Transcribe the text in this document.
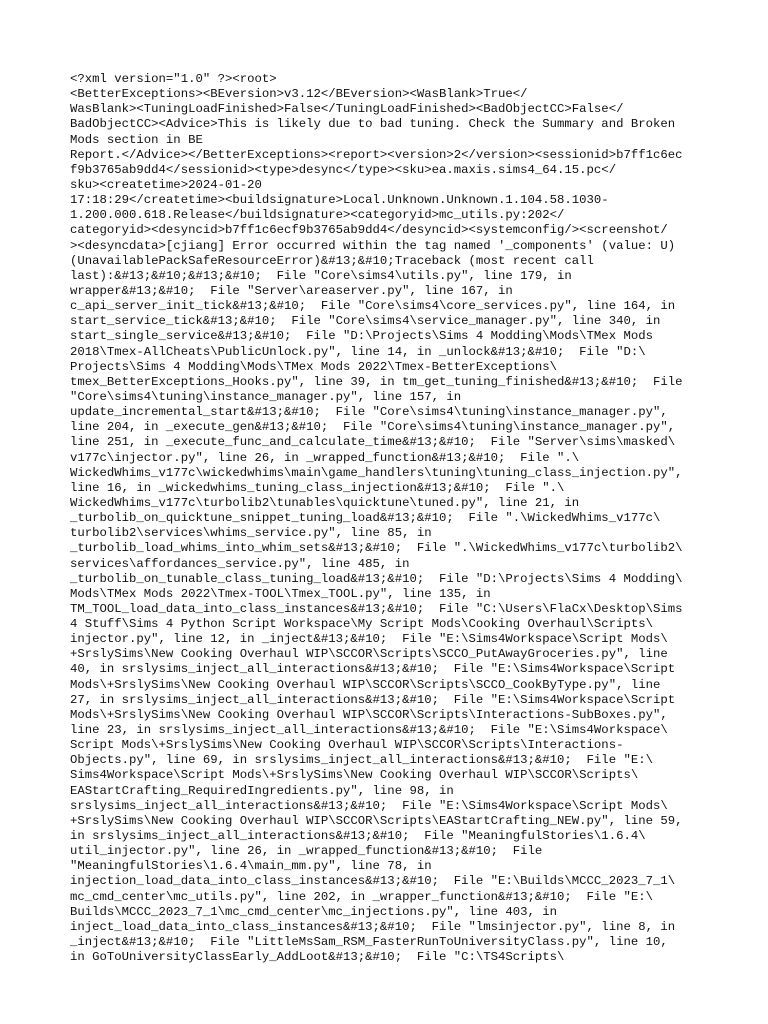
<?xml version="1.0" ?><root>
<BetterExceptions><BEversion>v3.12</BEversion><WasBlank>True</
WasBlank><TuningLoadFinished>False</TuningLoadFinished><BadObjectCC>False</
BadObjectCC><Advice>This is likely due to bad tuning. Check the Summary and Broken
Mods section in BE
Report.</Advice></BetterExceptions><report><version>2</version><sessionid>b7ff1c6ec
f9b3765ab9dd4</sessionid><type>desync</type><sku>ea.maxis.sims4_64.15.pc</
sku><createtime>2024-01-20
17:18:29</createtime><buildsignature>Local.Unknown.Unknown.1.104.58.1030-
1.200.000.618.Release</buildsignature><categoryid>mc_utils.py:202</
categoryid><desyncid>b7ff1c6ecf9b3765ab9dd4</desyncid><systemconfig/><screenshot/
><desyncdata>[cjiang] Error occurred within the tag named '_components' (value: U)
(UnavailablePackSafeResourceError)&#13;&#10;Traceback (most recent call
last):&#13;&#10;&#13;&#10;  File "Core\sims4\utils.py", line 179, in
wrapper&#13;&#10;  File "Server\areaserver.py", line 167, in
c_api_server_init_tick&#13;&#10;  File "Core\sims4\core_services.py", line 164, in
start_service_tick&#13;&#10;  File "Core\sims4\service_manager.py", line 340, in
start_single_service&#13;&#10;  File "D:\Projects\Sims 4 Modding\Mods\TMex Mods
2018\Tmex-AllCheats\PublicUnlock.py", line 14, in _unlock&#13;&#10;  File "D:\
Projects\Sims 4 Modding\Mods\TMex Mods 2022\Tmex-BetterExceptions\
tmex_BetterExceptions_Hooks.py", line 39, in tm_get_tuning_finished&#13;&#10;  File
"Core\sims4\tuning\instance_manager.py", line 157, in
update_incremental_start&#13;&#10;  File "Core\sims4\tuning\instance_manager.py",
line 204, in _execute_gen&#13;&#10;  File "Core\sims4\tuning\instance_manager.py",
line 251, in _execute_func_and_calculate_time&#13;&#10;  File "Server\sims\masked\
v177c\injector.py", line 26, in _wrapped_function&#13;&#10;  File ".\
WickedWhims_v177c\wickedwhims\main\game_handlers\tuning\tuning_class_injection.py",
line 16, in _wickedwhims_tuning_class_injection&#13;&#10;  File ".\
WickedWhims_v177c\turbolib2\tunables\quicktune\tuned.py", line 21, in
_turbolib_on_quicktune_snippet_tuning_load&#13;&#10;  File ".\WickedWhims_v177c\
turbolib2\services\whims_service.py", line 85, in
_turbolib_load_whims_into_whim_sets&#13;&#10;  File ".\WickedWhims_v177c\turbolib2\
services\affordances_service.py", line 485, in
_turbolib_on_tunable_class_tuning_load&#13;&#10;  File "D:\Projects\Sims 4 Modding\
Mods\TMex Mods 2022\Tmex-TOOL\Tmex_TOOL.py", line 135, in
TM_TOOL_load_data_into_class_instances&#13;&#10;  File "C:\Users\FlaCx\Desktop\Sims
4 Stuff\Sims 4 Python Script Workspace\My Script Mods\Cooking Overhaul\Scripts\
injector.py", line 12, in _inject&#13;&#10;  File "E:\Sims4Workspace\Script Mods\
+SrslySims\New Cooking Overhaul WIP\SCCOR\Scripts\SCCO_PutAwayGroceries.py", line
40, in srslysims_inject_all_interactions&#13;&#10;  File "E:\Sims4Workspace\Script
Mods\+SrslySims\New Cooking Overhaul WIP\SCCOR\Scripts\SCCO_CookByType.py", line
27, in srslysims_inject_all_interactions&#13;&#10;  File "E:\Sims4Workspace\Script
Mods\+SrslySims\New Cooking Overhaul WIP\SCCOR\Scripts\Interactions-SubBoxes.py",
line 23, in srslysims_inject_all_interactions&#13;&#10;  File "E:\Sims4Workspace\
Script Mods\+SrslySims\New Cooking Overhaul WIP\SCCOR\Scripts\Interactions-
Objects.py", line 69, in srslysims_inject_all_interactions&#13;&#10;  File "E:\
Sims4Workspace\Script Mods\+SrslySims\New Cooking Overhaul WIP\SCCOR\Scripts\
EAStartCrafting_RequiredIngredients.py", line 98, in
srslysims_inject_all_interactions&#13;&#10;  File "E:\Sims4Workspace\Script Mods\
+SrslySims\New Cooking Overhaul WIP\SCCOR\Scripts\EAStartCrafting_NEW.py", line 59,
in srslysims_inject_all_interactions&#13;&#10;  File "MeaningfulStories\1.6.4\
util_injector.py", line 26, in _wrapped_function&#13;&#10;  File
"MeaningfulStories\1.6.4\main_mm.py", line 78, in
injection_load_data_into_class_instances&#13;&#10;  File "E:\Builds\MCCC_2023_7_1\
mc_cmd_center\mc_utils.py", line 202, in _wrapper_function&#13;&#10;  File "E:\
Builds\MCCC_2023_7_1\mc_cmd_center\mc_injections.py", line 403, in
inject_load_data_into_class_instances&#13;&#10;  File "lmsinjector.py", line 8, in
_inject&#13;&#10;  File "LittleMsSam_RSM_FasterRunToUniversityClass.py", line 10,
in GoToUniversityClassEarly_AddLoot&#13;&#10;  File "C:\TS4Scripts\
